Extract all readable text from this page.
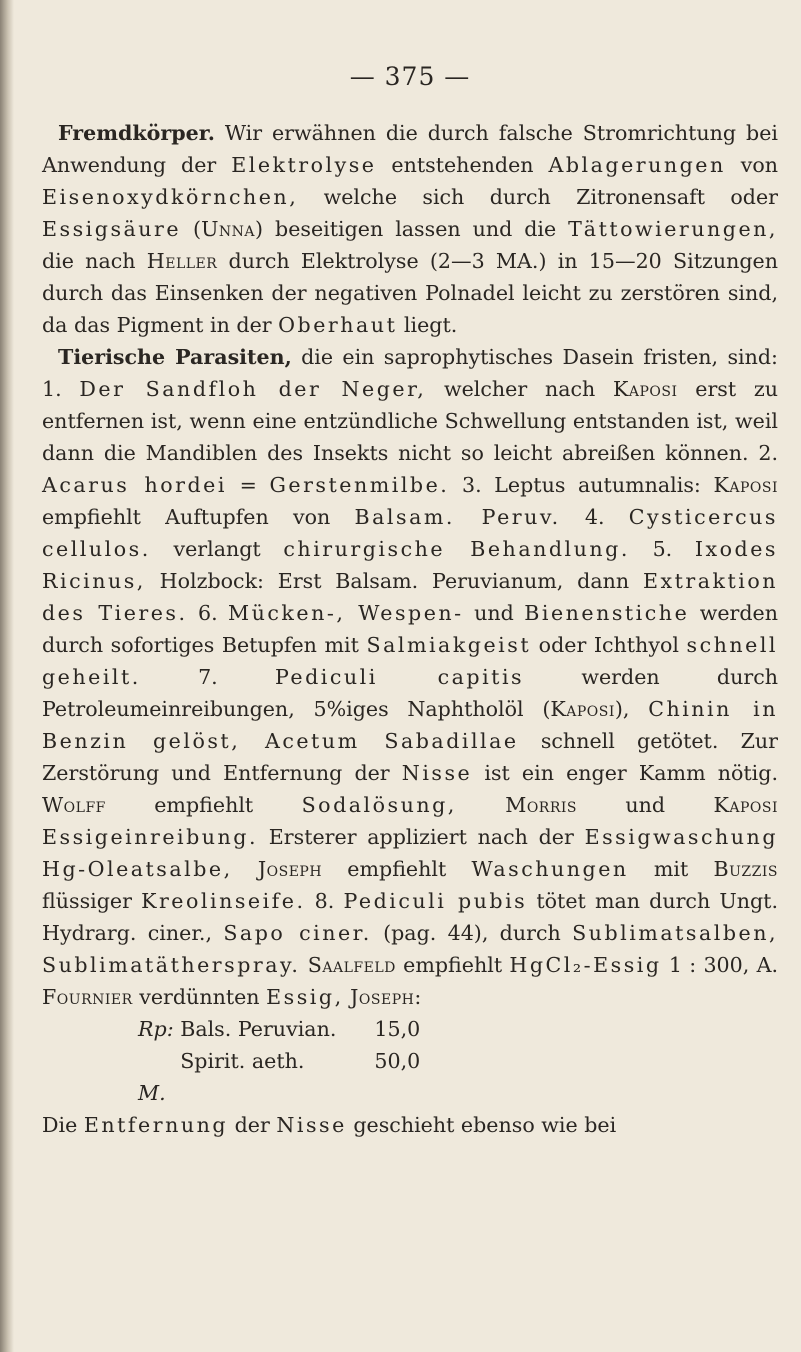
— 375 —

Fremdkörper. Wir erwähnen die durch falsche Stromrichtung bei Anwendung der Elektrolyse entstehenden Ablagerungen von Eisenoxydkörnchen, welche sich durch Zitronensaft oder Essigsäure (Unna) beseitigen lassen und die Tättowierungen, die nach Heller durch Elektrolyse (2—3 MA.) in 15—20 Sitzungen durch das Einsenken der negativen Polnadel leicht zu zerstören sind, da das Pigment in der Oberhaut liegt.

Tierische Parasiten, die ein saprophytisches Dasein fristen, sind: 1. Der Sandfloh der Neger, welcher nach Kaposi erst zu entfernen ist, wenn eine entzündliche Schwellung entstanden ist, weil dann die Mandiblen des Insekts nicht so leicht abreißen können. 2. Acarus hordei = Gerstenmilbe. 3. Leptus autumnalis: Kaposi empfiehlt Auftupfen von Balsam. Peruv. 4. Cysticercus cellulos. verlangt chirurgische Behandlung. 5. Ixodes Ricinus, Holzbock: Erst Balsam. Peruvianum, dann Extraktion des Tieres. 6. Mücken-, Wespen- und Bienenstiche werden durch sofortiges Betupfen mit Salmiakgeist oder Ichthyol schnell geheilt. 7. Pediculi capitis werden durch Petroleumeinreibungen, 5%iges Naphtholöl (Kaposi), Chinin in Benzin gelöst, Acetum Sabadillae schnell getötet. Zur Zerstörung und Entfernung der Nisse ist ein enger Kamm nötig. Wolff empfiehlt Sodalösung, Morris und Kaposi Essigeinreibung. Ersterer appliziert nach der Essigwaschung Hg-Oleatsalbe, Joseph empfiehlt Waschungen mit Buzzis flüssiger Kreolinseife. 8. Pediculi pubis tötet man durch Ungt. Hydrarg. ciner., Sapo ciner. (pag. 44), durch Sublimatsalben, Sublimatätherspray. Saalfeld empfiehlt HgCl₂-Essig 1 : 300, A. Fournier verdünnten Essig, Joseph:

Rp: Bals. Peruvian.	15,0
Spirit. aeth.	50,0
M.

Die Entfernung der Nisse geschieht ebenso wie bei
